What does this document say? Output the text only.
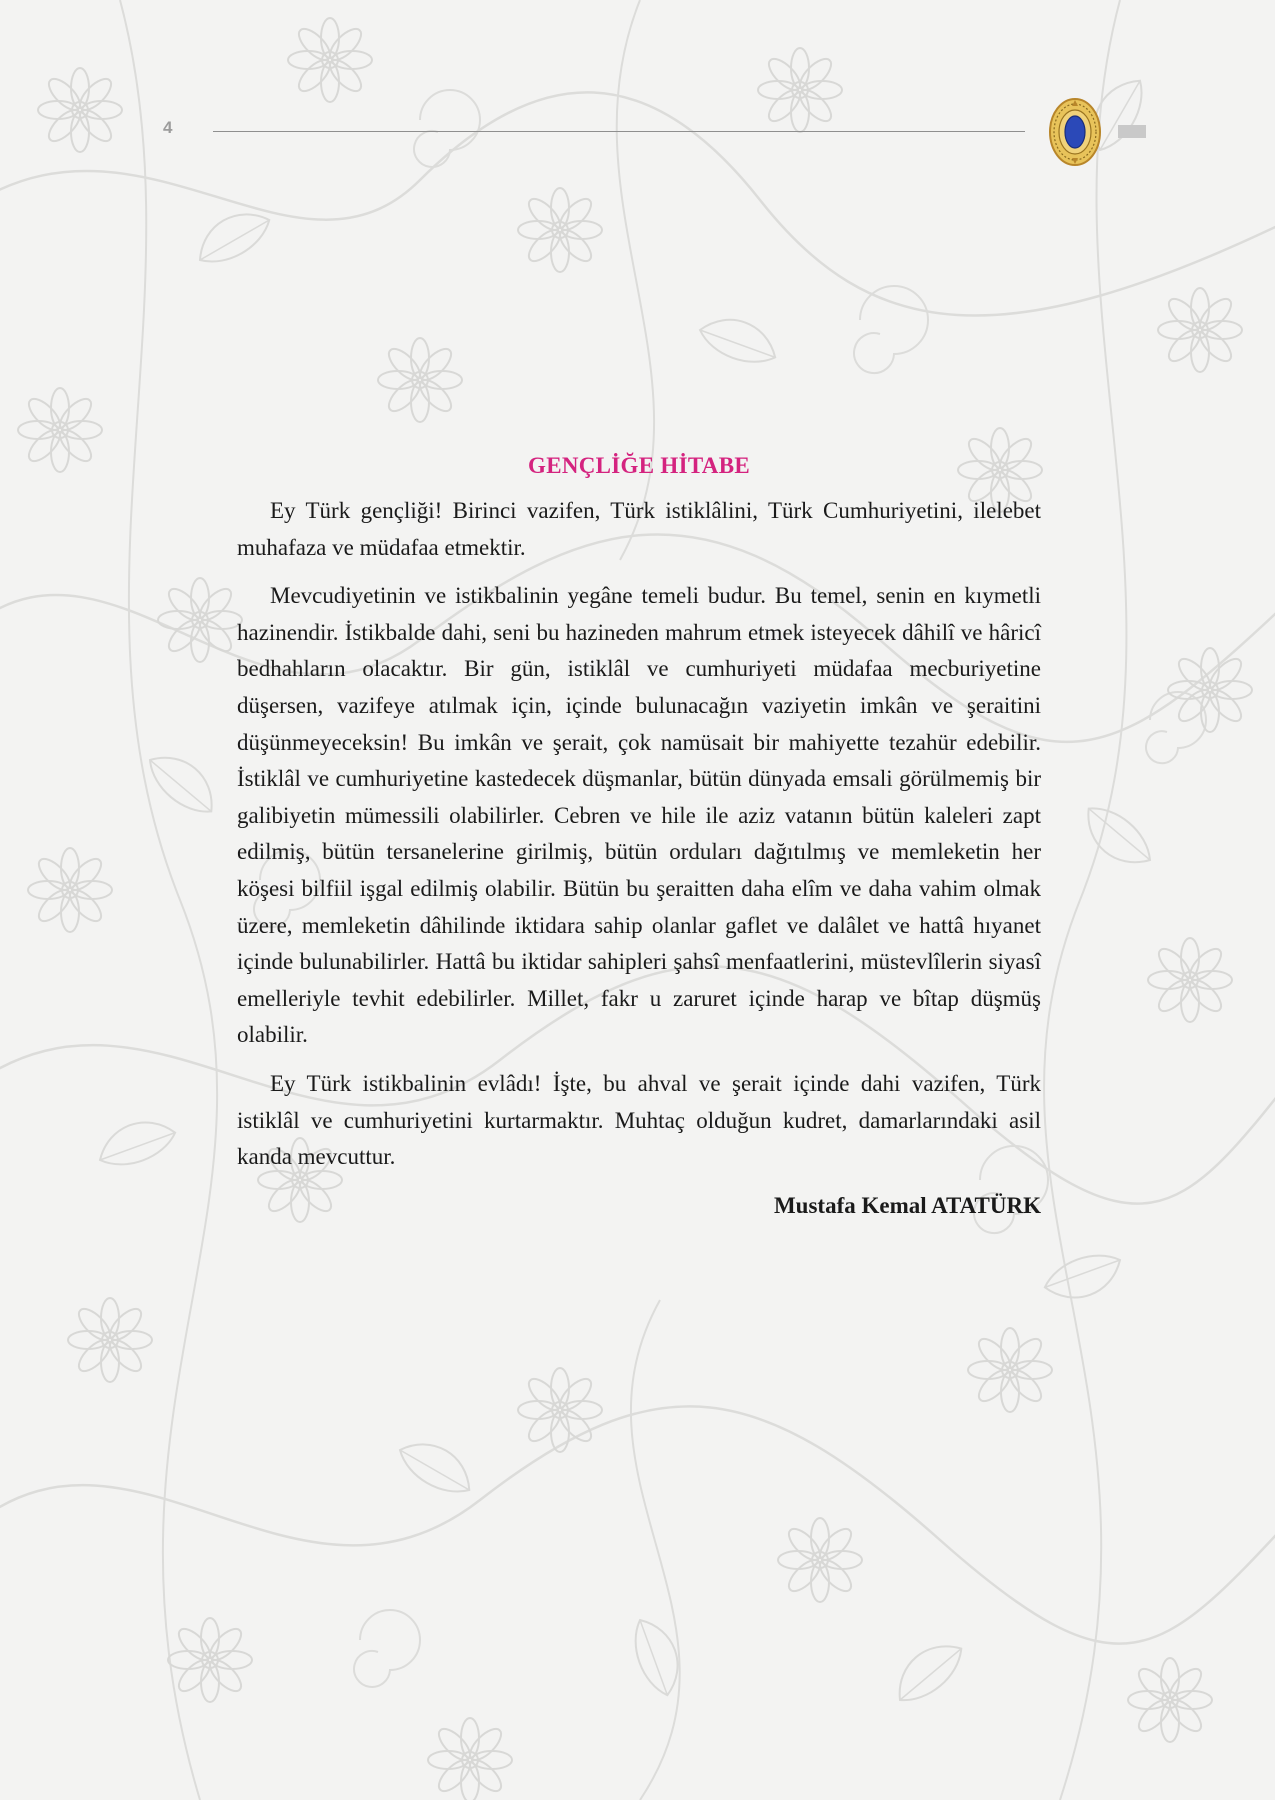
4
GENÇLİĞE HİTABE

Ey Türk gençliği! Birinci vazifen, Türk istiklâlini, Türk Cumhuriyetini, ilelebet muhafaza ve müdafaa etmektir.

Mevcudiyetinin ve istikbalinin yegâne temeli budur. Bu temel, senin en kıymetli hazinendir. İstikbalde dahi, seni bu hazineden mahrum etmek isteyecek dâhilî ve hâricî bedhahların olacaktır. Bir gün, istiklâl ve cumhuriyeti müdafaa mecburiyetine düşersen, vazifeye atılmak için, içinde bulunacağın vaziyetin imkân ve şeraitini düşünmeyeceksin! Bu imkân ve şerait, çok namüsait bir mahiyette tezahür edebilir. İstiklâl ve cumhuriyetine kastedecek düşmanlar, bütün dünyada emsali görülmemiş bir galibiyetin mümessili olabilirler. Cebren ve hile ile aziz vatanın bütün kaleleri zapt edilmiş, bütün tersanelerine girilmiş, bütün orduları dağıtılmış ve memleketin her köşesi bilfiil işgal edilmiş olabilir. Bütün bu şeraitten daha elîm ve daha vahim olmak üzere, memleketin dâhilinde iktidara sahip olanlar gaflet ve dalâlet ve hattâ hıyanet içinde bulunabilirler. Hattâ bu iktidar sahipleri şahsî menfaatlerini, müstevlîlerin siyasî emelleriyle tevhit edebilirler. Millet, fakr u zaruret içinde harap ve bîtap düşmüş olabilir.

Ey Türk istikbalinin evlâdı! İşte, bu ahval ve şerait içinde dahi vazifen, Türk istiklâl ve cumhuriyetini kurtarmaktır. Muhtaç olduğun kudret, damarlarındaki asil kanda mevcuttur.

Mustafa Kemal ATATÜRK
